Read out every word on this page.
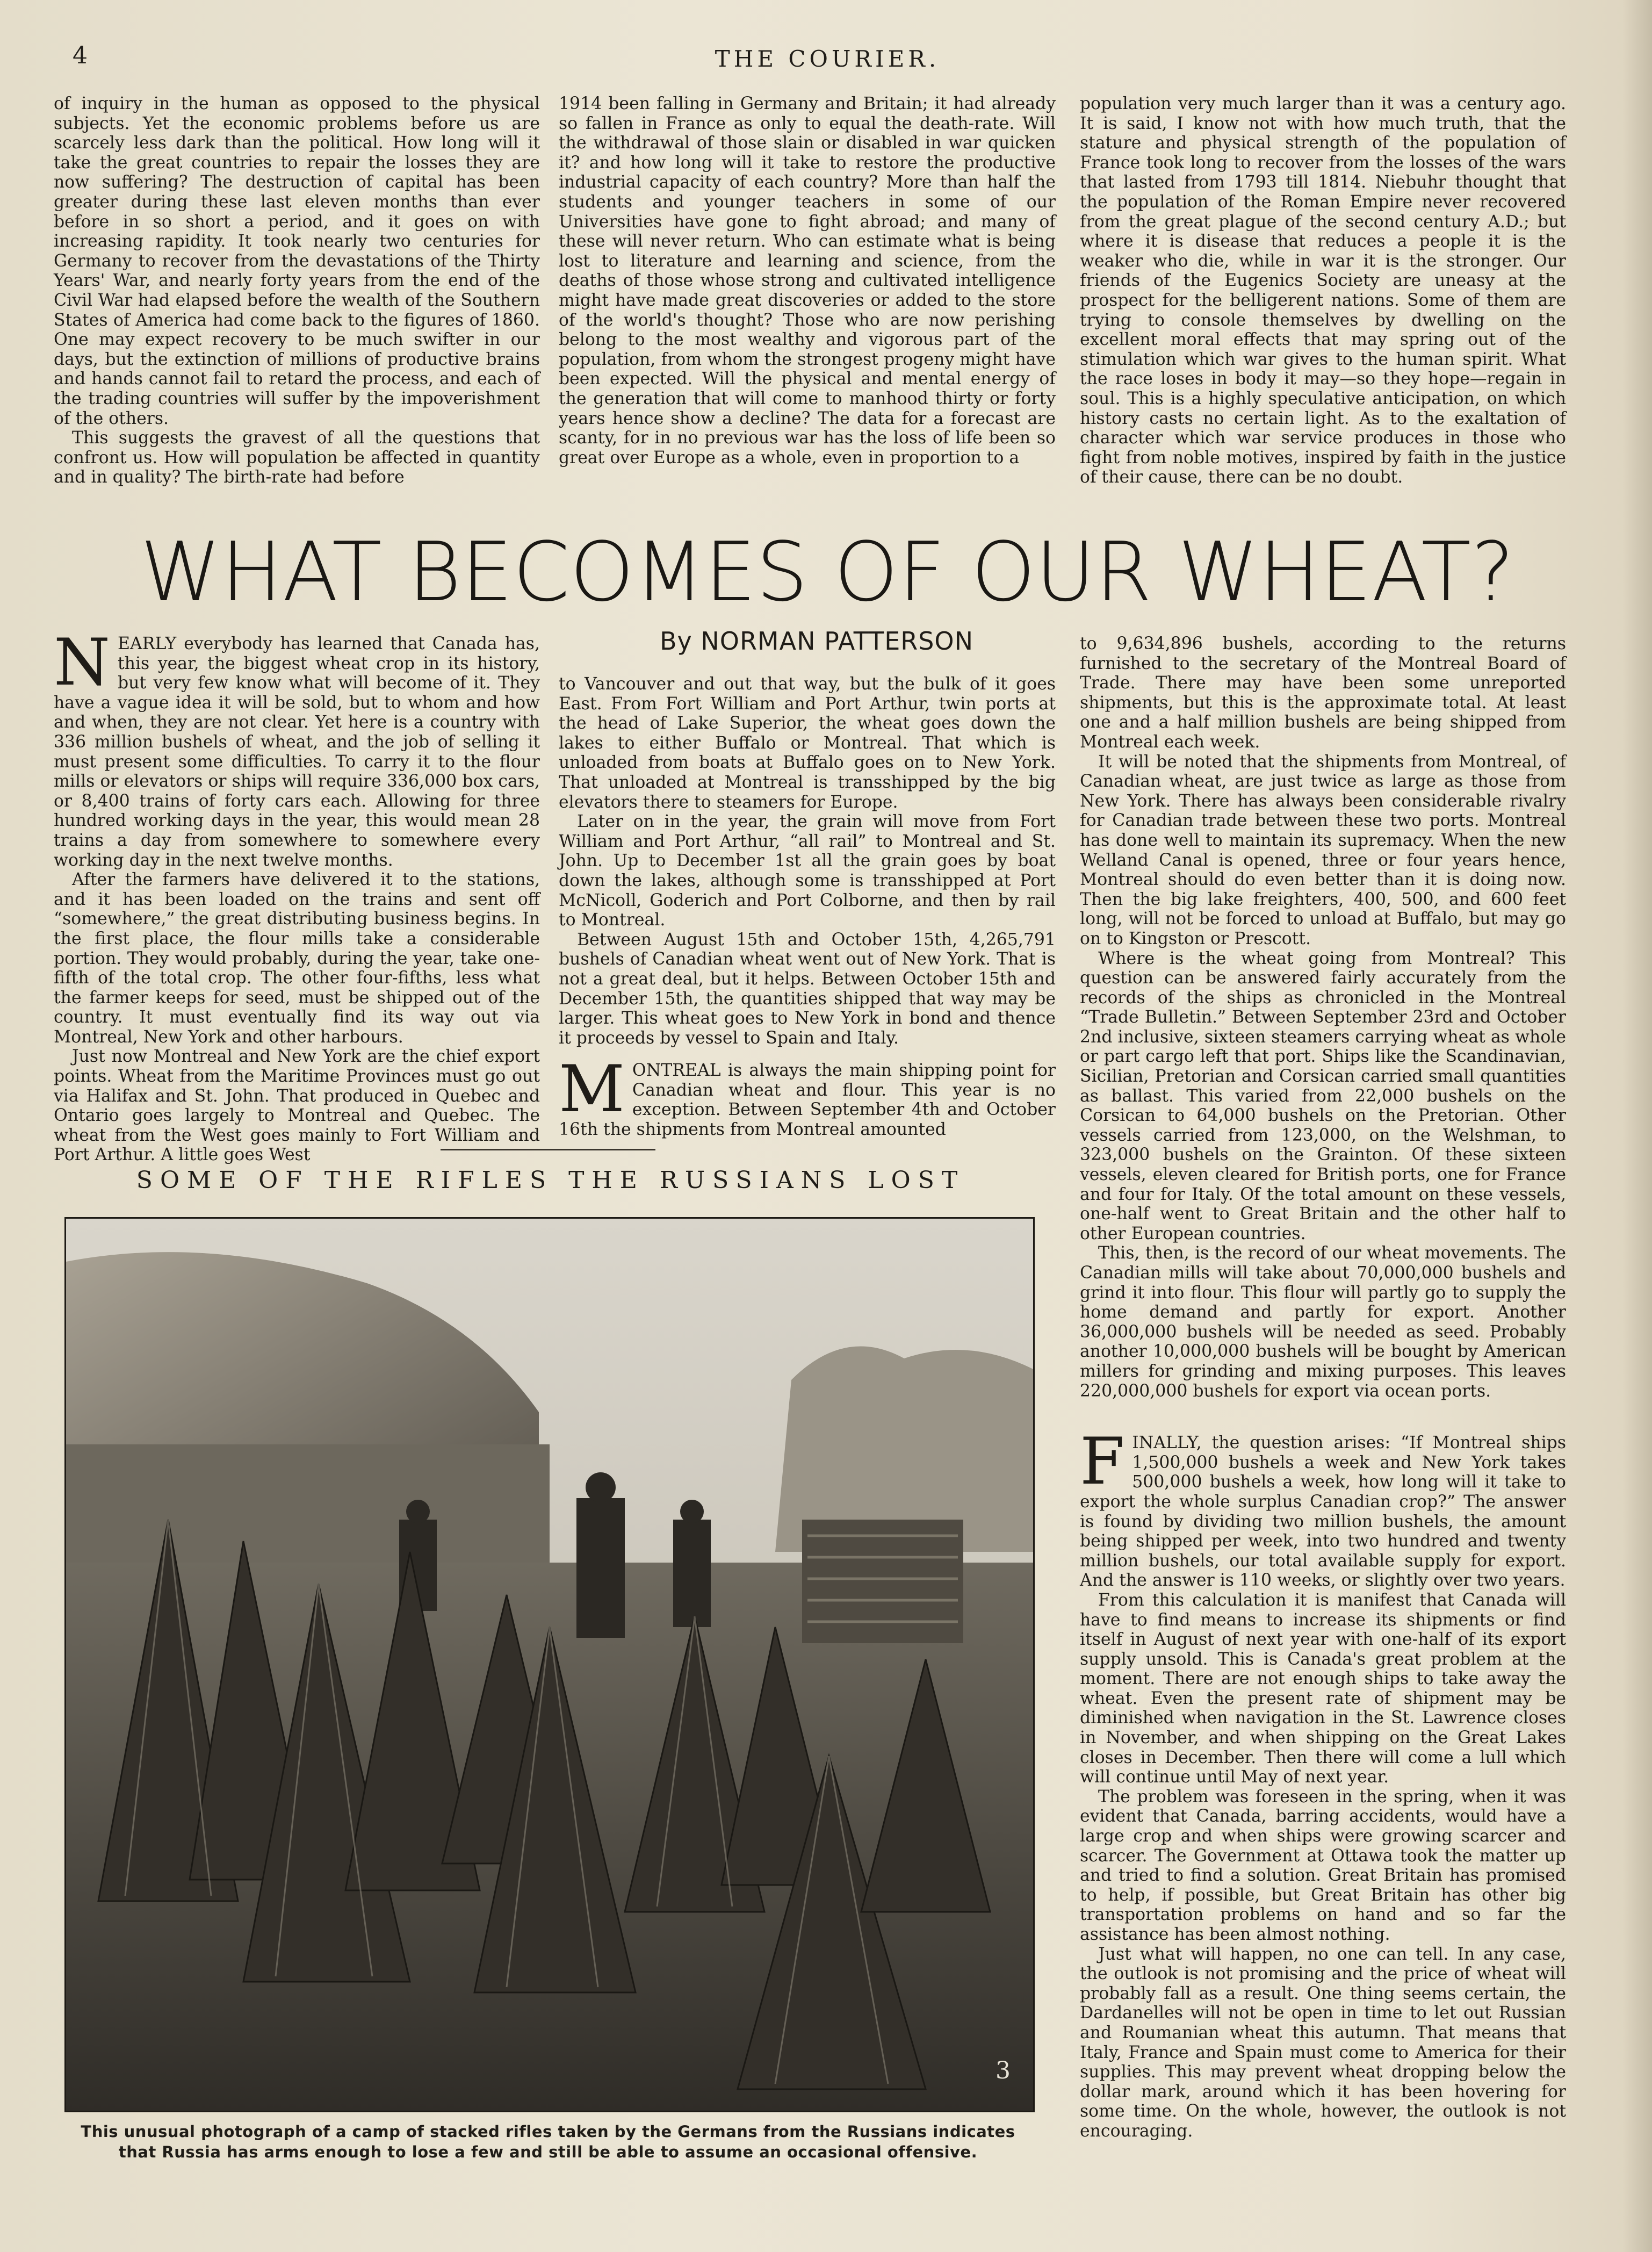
4	THE COURIER.

of inquiry in the human as opposed to the physical subjects. Yet the economic problems before us are scarcely less dark than the political. How long will it take the great countries to repair the losses they are now suffering? The destruction of capital has been greater during these last eleven months than ever before in so short a period, and it goes on with increasing rapidity. It took nearly two centuries for Germany to recover from the devastations of the Thirty Years' War, and nearly forty years from the end of the Civil War had elapsed before the wealth of the Southern States of America had come back to the figures of 1860. One may expect recovery to be much swifter in our days, but the extinction of millions of productive brains and hands cannot fail to retard the process, and each of the trading countries will suffer by the impoverishment of the others.

This suggests the gravest of all the questions that confront us. How will population be affected in quantity and in quality? The birth-rate had before

1914 been falling in Germany and Britain; it had already so fallen in France as only to equal the death-rate. Will the withdrawal of those slain or disabled in war quicken it? and how long will it take to restore the productive industrial capacity of each country? More than half the students and younger teachers in some of our Universities have gone to fight abroad; and many of these will never return. Who can estimate what is being lost to literature and learning and science, from the deaths of those whose strong and cultivated intelligence might have made great discoveries or added to the store of the world's thought? Those who are now perishing belong to the most wealthy and vigorous part of the population, from whom the strongest progeny might have been expected. Will the physical and mental energy of the generation that will come to manhood thirty or forty years hence show a decline? The data for a forecast are scanty, for in no previous war has the loss of life been so great over Europe as a whole, even in proportion to a

population very much larger than it was a century ago. It is said, I know not with how much truth, that the stature and physical strength of the population of France took long to recover from the losses of the wars that lasted from 1793 till 1814. Niebuhr thought that the population of the Roman Empire never recovered from the great plague of the second century A.D.; but where it is disease that reduces a people it is the weaker who die, while in war it is the stronger. Our friends of the Eugenics Society are uneasy at the prospect for the belligerent nations. Some of them are trying to console themselves by dwelling on the excellent moral effects that may spring out of the stimulation which war gives to the human spirit. What the race loses in body it may—so they hope—regain in soul. This is a highly speculative anticipation, on which history casts no certain light. As to the exaltation of character which war service produces in those who fight from noble motives, inspired by faith in the justice of their cause, there can be no doubt.

WHAT BECOMES OF OUR WHEAT?
By NORMAN PATTERSON

NEARLY everybody has learned that Canada has, this year, the biggest wheat crop in its history, but very few know what will become of it. They have a vague idea it will be sold, but to whom and how and when, they are not clear. Yet here is a country with 336 million bushels of wheat, and the job of selling it must present some difficulties. To carry it to the flour mills or elevators or ships will require 336,000 box cars, or 8,400 trains of forty cars each. Allowing for three hundred working days in the year, this would mean 28 trains a day from somewhere to somewhere every working day in the next twelve months.

After the farmers have delivered it to the stations, and it has been loaded on the trains and sent off “somewhere,” the great distributing business begins. In the first place, the flour mills take a considerable portion. They would probably, during the year, take one-fifth of the total crop. The other four-fifths, less what the farmer keeps for seed, must be shipped out of the country. It must eventually find its way out via Montreal, New York and other harbours.

Just now Montreal and New York are the chief export points. Wheat from the Maritime Provinces must go out via Halifax and St. John. That produced in Quebec and Ontario goes largely to Montreal and Quebec. The wheat from the West goes mainly to Fort William and Port Arthur. A little goes West

to Vancouver and out that way, but the bulk of it goes East. From Fort William and Port Arthur, twin ports at the head of Lake Superior, the wheat goes down the lakes to either Buffalo or Montreal. That which is unloaded from boats at Buffalo goes on to New York. That unloaded at Montreal is transshipped by the big elevators there to steamers for Europe.

Later on in the year, the grain will move from Fort William and Port Arthur, “all rail” to Montreal and St. John. Up to December 1st all the grain goes by boat down the lakes, although some is transshipped at Port McNicoll, Goderich and Port Colborne, and then by rail to Montreal.

Between August 15th and October 15th, 4,265,791 bushels of Canadian wheat went out of New York. That is not a great deal, but it helps. Between October 15th and December 15th, the quantities shipped that way may be larger. This wheat goes to New York in bond and thence it proceeds by vessel to Spain and Italy.

MONTREAL is always the main shipping point for Canadian wheat and flour. This year is no exception. Between September 4th and October 16th the shipments from Montreal amounted

to 9,634,896 bushels, according to the returns furnished to the secretary of the Montreal Board of Trade. There may have been some unreported shipments, but this is the approximate total. At least one and a half million bushels are being shipped from Montreal each week.

It will be noted that the shipments from Montreal, of Canadian wheat, are just twice as large as those from New York. There has always been considerable rivalry for Canadian trade between these two ports. Montreal has done well to maintain its supremacy. When the new Welland Canal is opened, three or four years hence, Montreal should do even better than it is doing now. Then the big lake freighters, 400, 500, and 600 feet long, will not be forced to unload at Buffalo, but may go on to Kingston or Prescott.

Where is the wheat going from Montreal? This question can be answered fairly accurately from the records of the ships as chronicled in the Montreal “Trade Bulletin.” Between September 23rd and October 2nd inclusive, sixteen steamers carrying wheat as whole or part cargo left that port. Ships like the Scandinavian, Sicilian, Pretorian and Corsican carried small quantities as ballast. This varied from 22,000 bushels on the Corsican to 64,000 bushels on the Pretorian. Other vessels carried from 123,000, on the Welshman, to 323,000 bushels on the Grainton. Of these sixteen vessels, eleven cleared for British ports, one for France and four for Italy. Of the total amount on these vessels, one-half went to Great Britain and the other half to other European countries.

This, then, is the record of our wheat movements. The Canadian mills will take about 70,000,000 bushels and grind it into flour. This flour will partly go to supply the home demand and partly for export. Another 36,000,000 bushels will be needed as seed. Probably another 10,000,000 bushels will be bought by American millers for grinding and mixing purposes. This leaves 220,000,000 bushels for export via ocean ports.

FINALLY, the question arises: “If Montreal ships 1,500,000 bushels a week and New York takes 500,000 bushels a week, how long will it take to export the whole surplus Canadian crop?” The answer is found by dividing two million bushels, the amount being shipped per week, into two hundred and twenty million bushels, our total available supply for export. And the answer is 110 weeks, or slightly over two years.

From this calculation it is manifest that Canada will have to find means to increase its shipments or find itself in August of next year with one-half of its export supply unsold. This is Canada's great problem at the moment. There are not enough ships to take away the wheat. Even the present rate of shipment may be diminished when navigation in the St. Lawrence closes in November, and when shipping on the Great Lakes closes in December. Then there will come a lull which will continue until May of next year.

The problem was foreseen in the spring, when it was evident that Canada, barring accidents, would have a large crop and when ships were growing scarcer and scarcer. The Government at Ottawa took the matter up and tried to find a solution. Great Britain has promised to help, if possible, but Great Britain has other big transportation problems on hand and so far the assistance has been almost nothing.

Just what will happen, no one can tell. In any case, the outlook is not promising and the price of wheat will probably fall as a result. One thing seems certain, the Dardanelles will not be open in time to let out Russian and Roumanian wheat this autumn. That means that Italy, France and Spain must come to America for their supplies. This may prevent wheat dropping below the dollar mark, around which it has been hovering for some time. On the whole, however, the outlook is not encouraging.

SOME OF THE RIFLES THE RUSSIANS LOST
3
This unusual photograph of a camp of stacked rifles taken by the Germans from the Russians indicates
that Russia has arms enough to lose a few and still be able to assume an occasional offensive.
